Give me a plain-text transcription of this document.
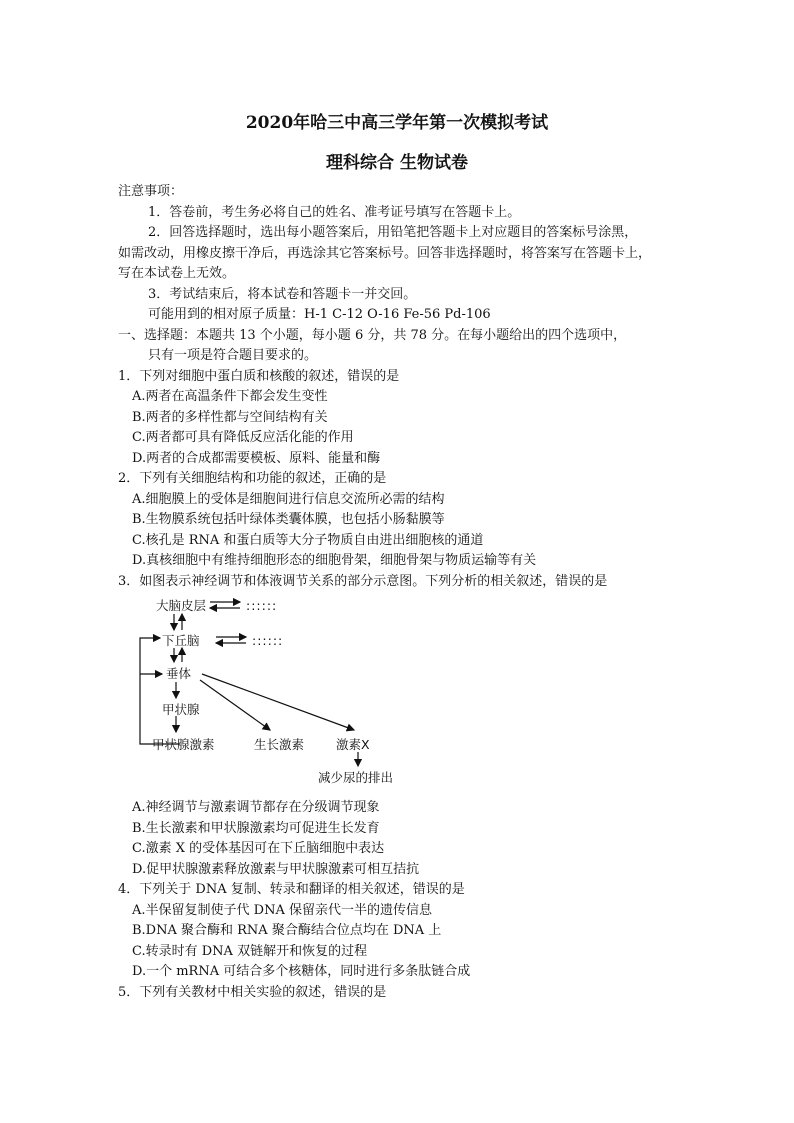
2020年哈三中高三学年第一次模拟考试
理科综合 生物试卷
注意事项：
1．答卷前，考生务必将自己的姓名、准考证号填写在答题卡上。
2．回答选择题时，选出每小题答案后，用铅笔把答题卡上对应题目的答案标号涂黑，
如需改动，用橡皮擦干净后，再选涂其它答案标号。回答非选择题时，将答案写在答题卡上，
写在本试卷上无效。
3．考试结束后，将本试卷和答题卡一并交回。
可能用到的相对原子质量：H-1 C-12 O-16 Fe-56 Pd-106
一、选择题：本题共 13 个小题，每小题 6 分，共 78 分。在每小题给出的四个选项中，
只有一项是符合题目要求的。
1．下列对细胞中蛋白质和核酸的叙述，错误的是
A.两者在高温条件下都会发生变性
B.两者的多样性都与空间结构有关
C.两者都可具有降低反应活化能的作用
D.两者的合成都需要模板、原料、能量和酶
2．下列有关细胞结构和功能的叙述，正确的是
A.细胞膜上的受体是细胞间进行信息交流所必需的结构
B.生物膜系统包括叶绿体类囊体膜，也包括小肠黏膜等
C.核孔是 RNA 和蛋白质等大分子物质自由进出细胞核的通道
D.真核细胞中有维持细胞形态的细胞骨架，细胞骨架与物质运输等有关
3．如图表示神经调节和体液调节关系的部分示意图。下列分析的相关叙述，错误的是
大脑皮层	::::::
下丘脑	::::::
垂体
甲状腺
甲状腺激素	生长激素	激素X
减少尿的排出
A.神经调节与激素调节都存在分级调节现象
B.生长激素和甲状腺激素均可促进生长发育
C.激素 X 的受体基因可在下丘脑细胞中表达
D.促甲状腺激素释放激素与甲状腺激素可相互拮抗
4．下列关于 DNA 复制、转录和翻译的相关叙述，错误的是
A.半保留复制使子代 DNA 保留亲代一半的遗传信息
B.DNA 聚合酶和 RNA 聚合酶结合位点均在 DNA 上
C.转录时有 DNA 双链解开和恢复的过程
D.一个 mRNA 可结合多个核糖体，同时进行多条肽链合成
5．下列有关教材中相关实验的叙述，错误的是
